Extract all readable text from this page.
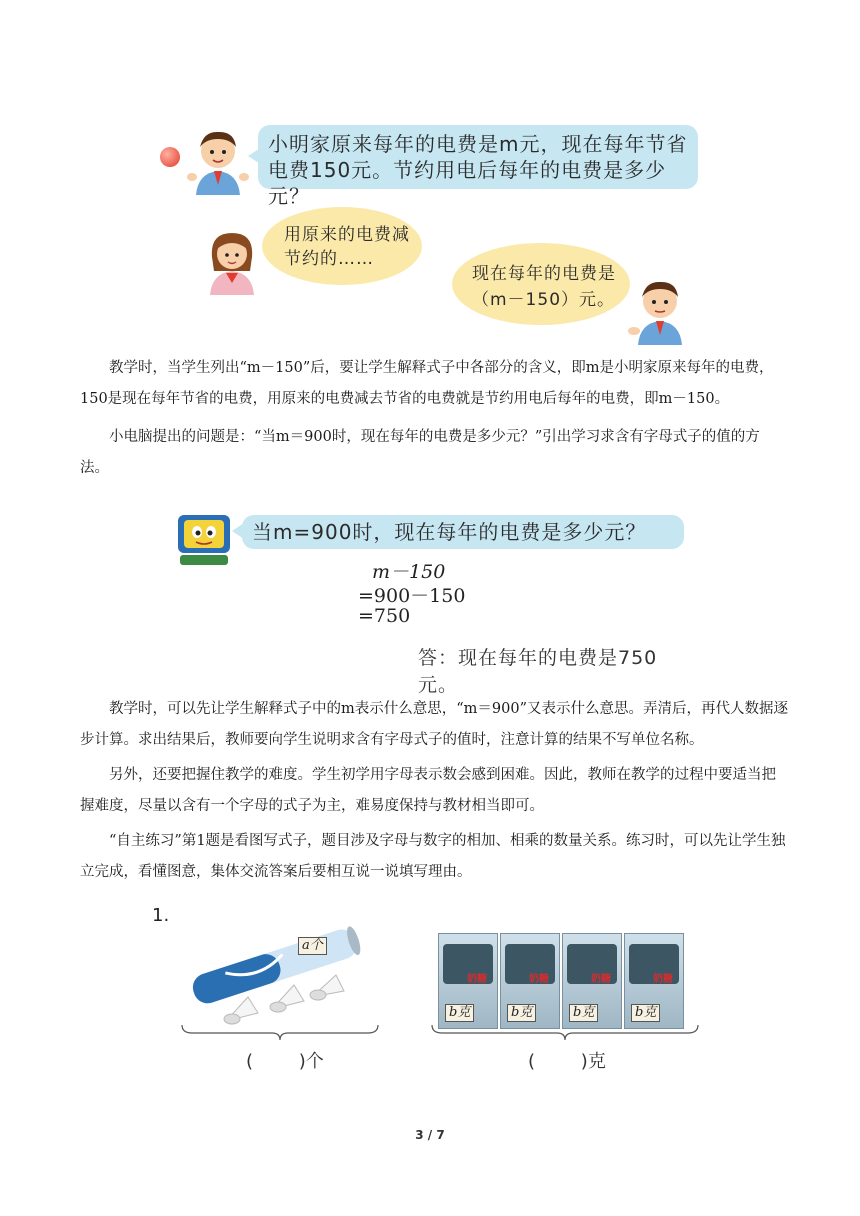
小明家原来每年的电费是m元，现在每年节省
电费150元。节约用电后每年的电费是多少元？
用原来的电费减
节约的……
现在每年的电费是
（m－150）元。
教学时，当学生列出“m－150”后，要让学生解释式子中各部分的含义，即m是小明家原来每年的电费，150是现在每年节省的电费，用原来的电费减去节省的电费就是节约用电后每年的电费，即m－150。
小电脑提出的问题是：“当m＝900时，现在每年的电费是多少元？”引出学习求含有字母式子的值的方法。
当m=900时，现在每年的电费是多少元？
m－150
=900－150
=750
答：现在每年的电费是750元。
教学时，可以先让学生解释式子中的m表示什么意思，“m＝900”又表示什么意思。弄清后，再代人数据逐步计算。求出结果后，教师要向学生说明求含有字母式子的值时，注意计算的结果不写单位名称。
另外，还要把握住教学的难度。学生初学用字母表示数会感到困难。因此，教师在教学的过程中要适当把握难度，尽量以含有一个字母的式子为主，难易度保持与教材相当即可。
“自主练习”第1题是看图写式子，题目涉及字母与数字的相加、相乘的数量关系。练习时，可以先让学生独立完成，看懂图意，集体交流答案后要相互说一说填写理由。
1.
a个
(        )个
奶糖
b克
奶糖
b克
奶糖
b克
奶糖
b克
(        )克
3 / 7
